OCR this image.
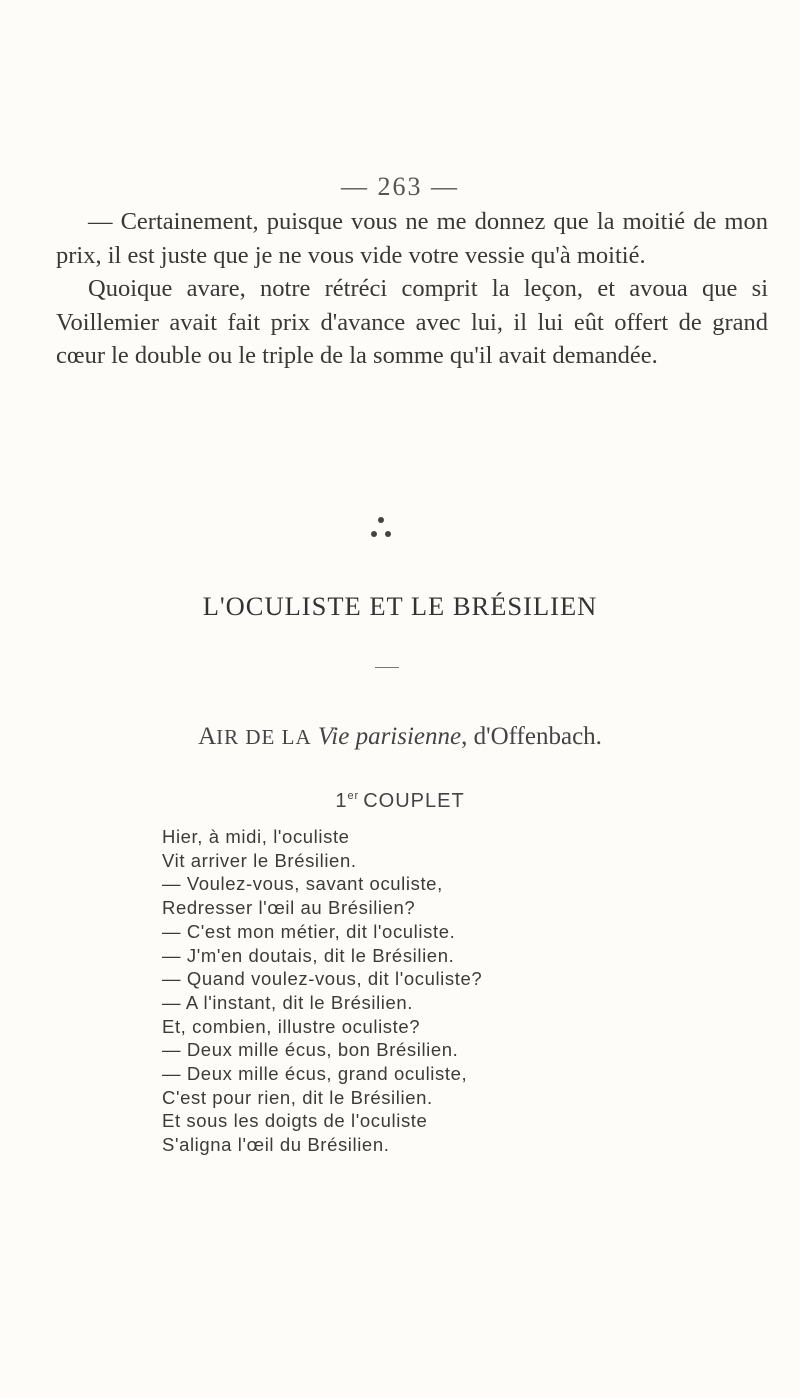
— 263 —

— Certainement, puisque vous ne me donnez que la moitié de mon prix, il est juste que je ne vous vide votre vessie qu'à moitié.

Quoique avare, notre rétréci comprit la leçon, et avoua que si Voillemier avait fait prix d'avance avec lui, il lui eût offert de grand cœur le double ou le triple de la somme qu'il avait demandée.

L'OCULISTE ET LE BRÉSILIEN
AIR DE LA Vie parisienne, d'Offenbach.
1er COUPLET
Hier, à midi, l'oculiste
Vit arriver le Brésilien.
— Voulez-vous, savant oculiste,
Redresser l'œil au Brésilien?
— C'est mon métier, dit l'oculiste.
— J'm'en doutais, dit le Brésilien.
— Quand voulez-vous, dit l'oculiste?
— A l'instant, dit le Brésilien.
Et, combien, illustre oculiste?
— Deux mille écus, bon Brésilien.
— Deux mille écus, grand oculiste,
C'est pour rien, dit le Brésilien.
Et sous les doigts de l'oculiste
S'aligna l'œil du Brésilien.
